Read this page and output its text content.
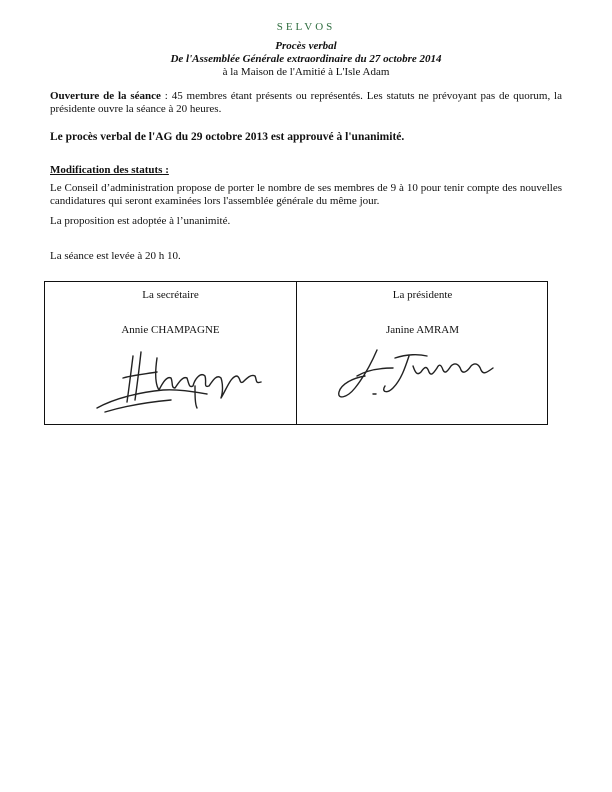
SELVOS
Procès verbal
De l'Assemblée Générale extraordinaire du 27 octobre 2014
à la Maison de l'Amitié à L'Isle Adam
Ouverture de la séance : 45 membres étant présents ou représentés. Les statuts ne prévoyant pas de quorum, la présidente ouvre la séance à 20 heures.
Le procès verbal de l'AG du 29 octobre 2013 est approuvé à l'unanimité.
Modification des statuts :
Le Conseil d’administration propose de porter le nombre de ses membres de 9 à 10 pour tenir compte des nouvelles candidatures qui seront examinées lors l'assemblée générale du même jour.
La proposition est adoptée à l’unanimité.
La séance est levée à 20 h 10.
La secrétaire
Annie CHAMPAGNE
La présidente
Janine AMRAM
